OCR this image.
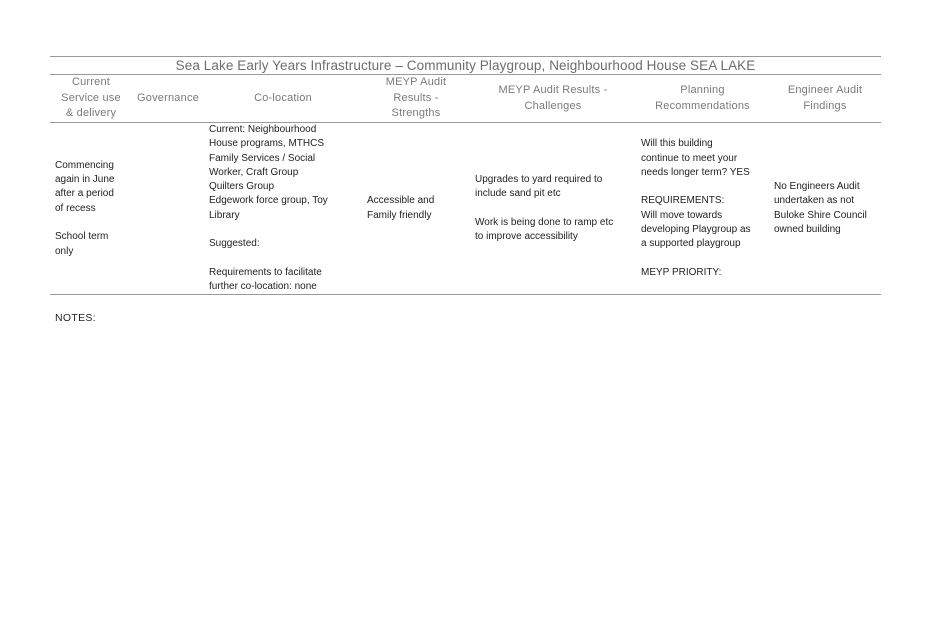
Sea Lake Early Years Infrastructure – Community Playgroup, Neighbourhood House SEA LAKE
Current
Service use
& delivery
Governance	Co-location
MEYP Audit
Results -
Strengths
MEYP Audit Results -
Challenges
Planning
Recommendations
Engineer Audit
Findings
Commencing
again in June
after a period
of recess

School term
only
Current: Neighbourhood
House programs, MTHCS
Family Services / Social
Worker, Craft Group
Quilters Group
Edgework force group, Toy
Library

Suggested:

Requirements to facilitate
further co-location: none
Accessible and
Family friendly
Upgrades to yard required to
include sand pit etc

Work is being done to ramp etc
to improve accessibility
Will this building
continue to meet your
needs longer term? YES

REQUIREMENTS:
Will move towards
developing Playgroup as
a supported playgroup

MEYP PRIORITY:
No Engineers Audit
undertaken as not
Buloke Shire Council
owned building
NOTES:
